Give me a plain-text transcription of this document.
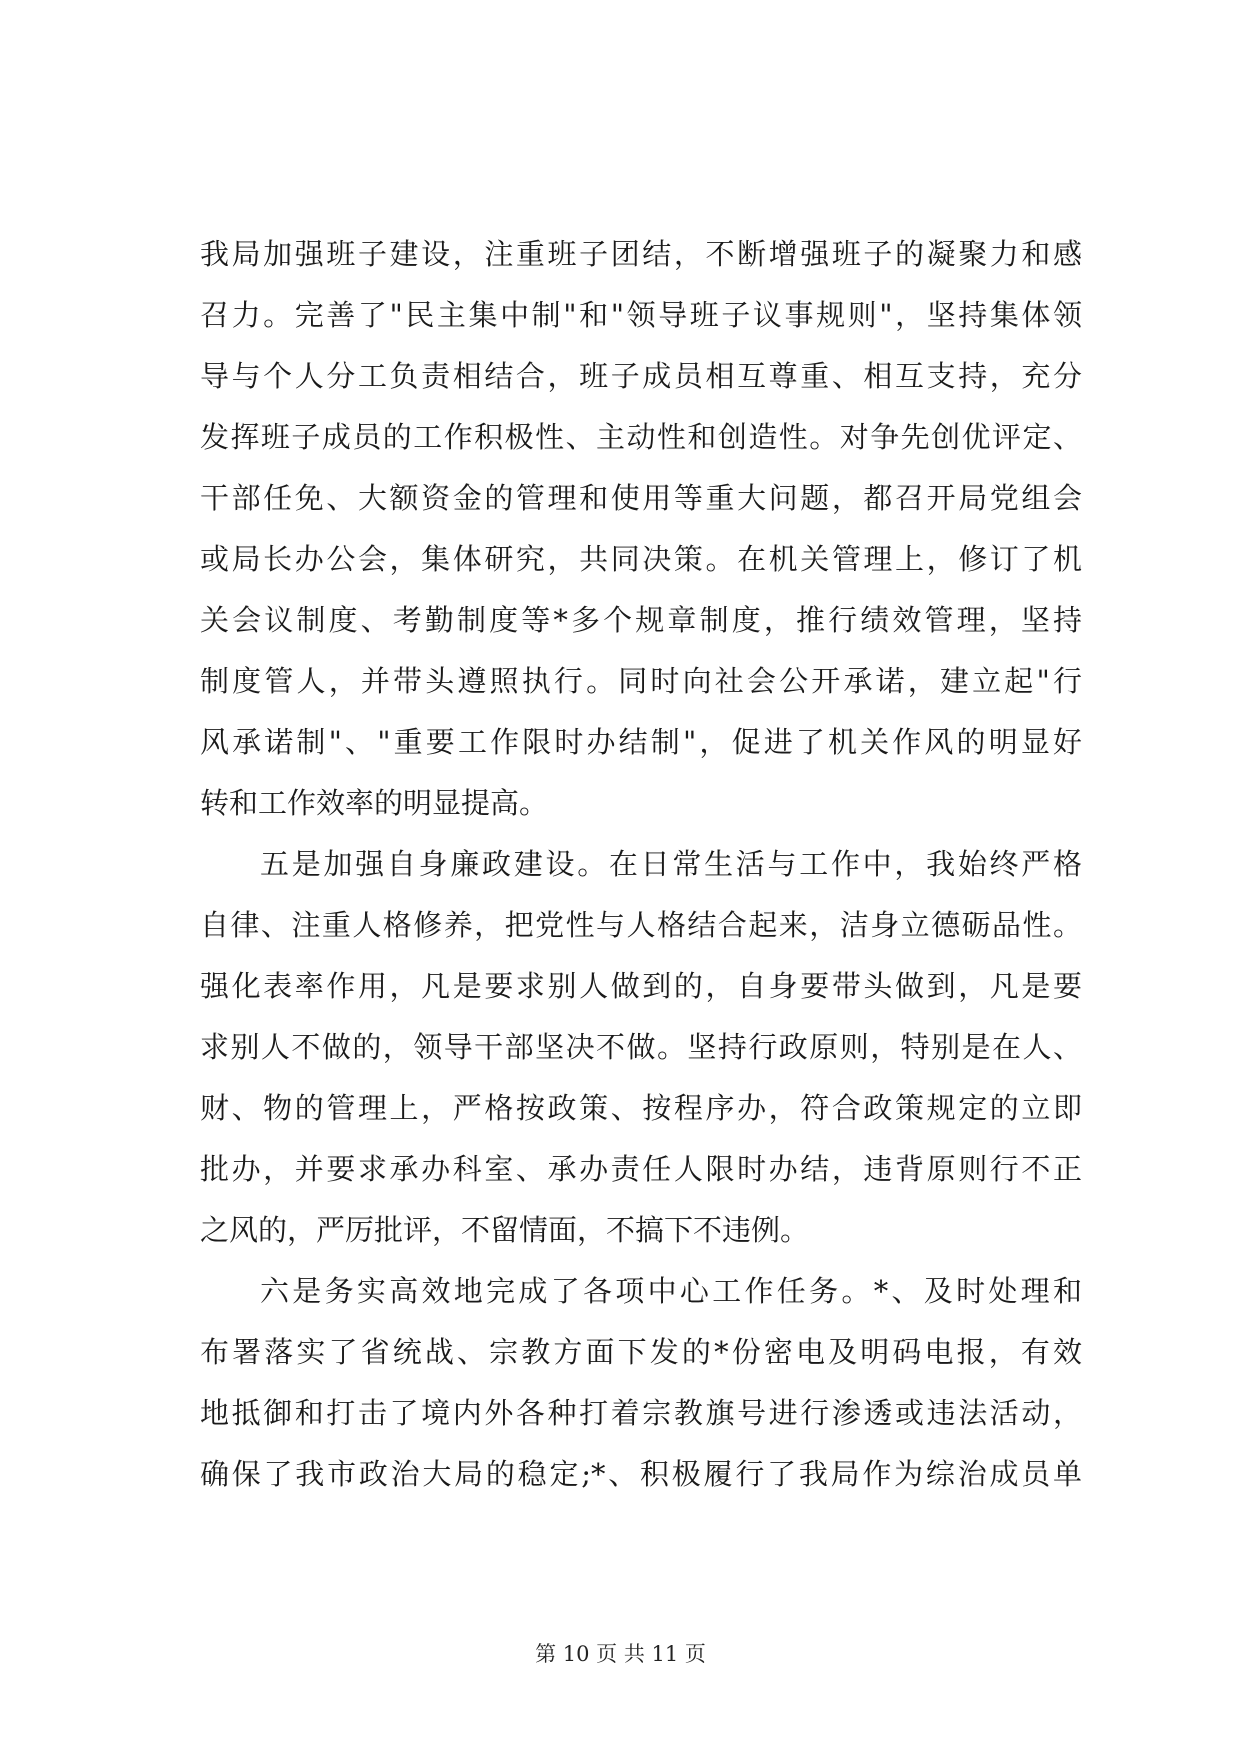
我局加强班子建设，注重班子团结，不断增强班子的凝聚力和感
召力。完善了"民主集中制"和"领导班子议事规则"，坚持集体领
导与个人分工负责相结合，班子成员相互尊重、相互支持，充分
发挥班子成员的工作积极性、主动性和创造性。对争先创优评定、
干部任免、大额资金的管理和使用等重大问题，都召开局党组会
或局长办公会，集体研究，共同决策。在机关管理上，修订了机
关会议制度、考勤制度等*多个规章制度，推行绩效管理，坚持
制度管人，并带头遵照执行。同时向社会公开承诺，建立起"行
风承诺制"、"重要工作限时办结制"，促进了机关作风的明显好
转和工作效率的明显提高。
五是加强自身廉政建设。在日常生活与工作中，我始终严格
自律、注重人格修养，把党性与人格结合起来，洁身立德砺品性。
强化表率作用，凡是要求别人做到的，自身要带头做到，凡是要
求别人不做的，领导干部坚决不做。坚持行政原则，特别是在人、
财、物的管理上，严格按政策、按程序办，符合政策规定的立即
批办，并要求承办科室、承办责任人限时办结，违背原则行不正
之风的，严厉批评，不留情面，不搞下不违例。
六是务实高效地完成了各项中心工作任务。*、及时处理和
布署落实了省统战、宗教方面下发的*份密电及明码电报，有效
地抵御和打击了境内外各种打着宗教旗号进行渗透或违法活动，
确保了我市政治大局的稳定;*、积极履行了我局作为综治成员单
第 10 页 共 11 页
